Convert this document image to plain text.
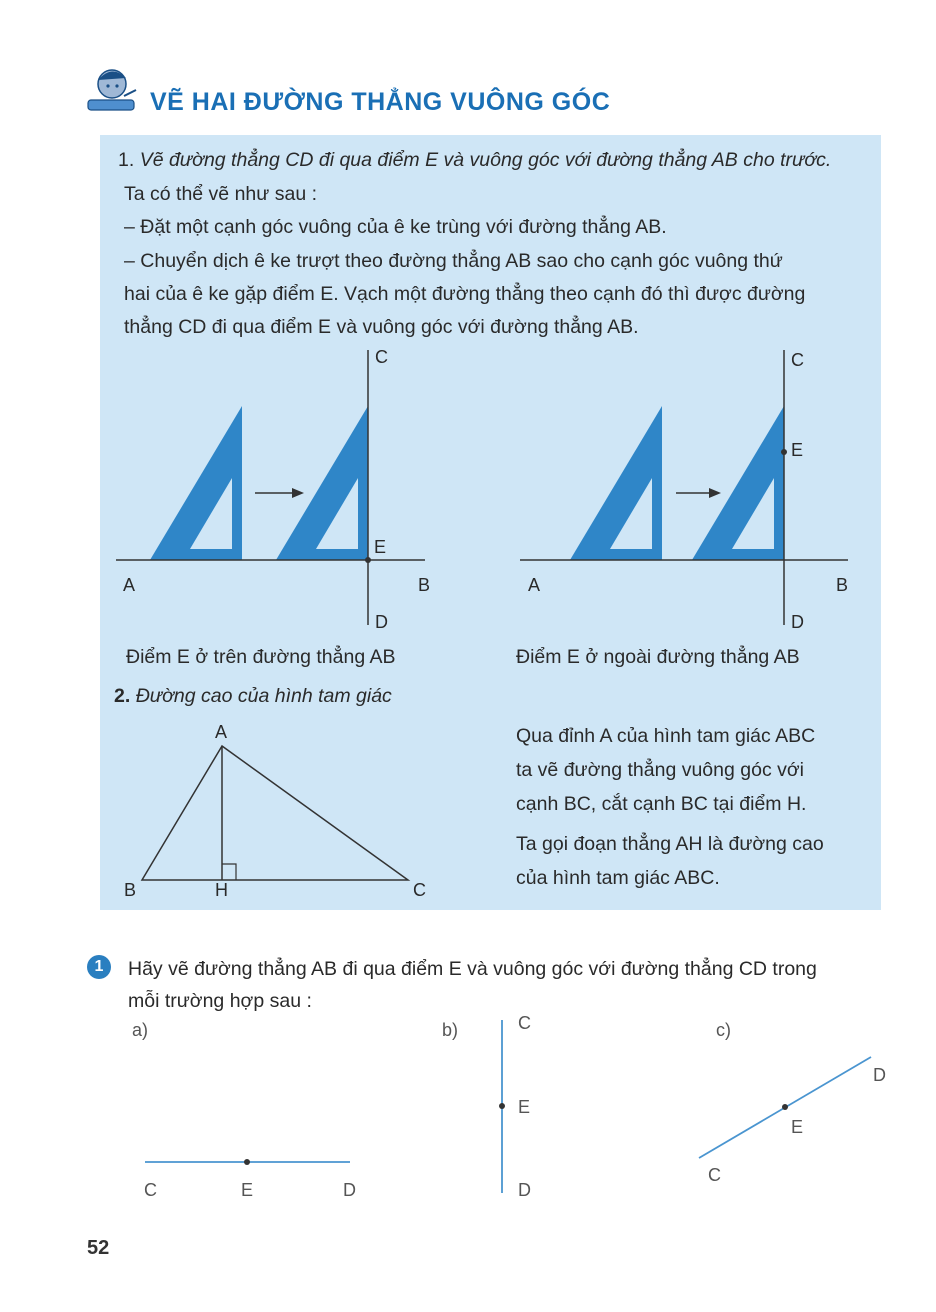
VẼ HAI ĐƯỜNG THẲNG VUÔNG GÓC
1. Vẽ đường thẳng CD đi qua điểm E và vuông góc với đường thẳng AB cho trước.
Ta có thể vẽ như sau :
– Đặt một cạnh góc vuông của ê ke trùng với đường thẳng AB.
– Chuyển dịch ê ke trượt theo đường thẳng AB sao cho cạnh góc vuông thứ
hai của ê ke gặp điểm E. Vạch một đường thẳng theo cạnh đó thì được đường
thẳng CD đi qua điểm E và vuông góc với đường thẳng AB.
C
E
A	B
D
Điểm E ở trên đường thẳng AB
C
E
A	B
D
Điểm E ở ngoài đường thẳng AB
2. Đường cao của hình tam giác
A
B	H	C
Qua đỉnh A của hình tam giác ABC
ta vẽ đường thẳng vuông góc với
cạnh BC, cắt cạnh BC tại điểm H.
Ta gọi đoạn thẳng AH là đường cao
của hình tam giác ABC.
1	Hãy vẽ đường thẳng AB đi qua điểm E và vuông góc với đường thẳng CD trong
mỗi trường hợp sau :
a)
C	E	D
b)	C
E
D
c)
D
E
C
52
